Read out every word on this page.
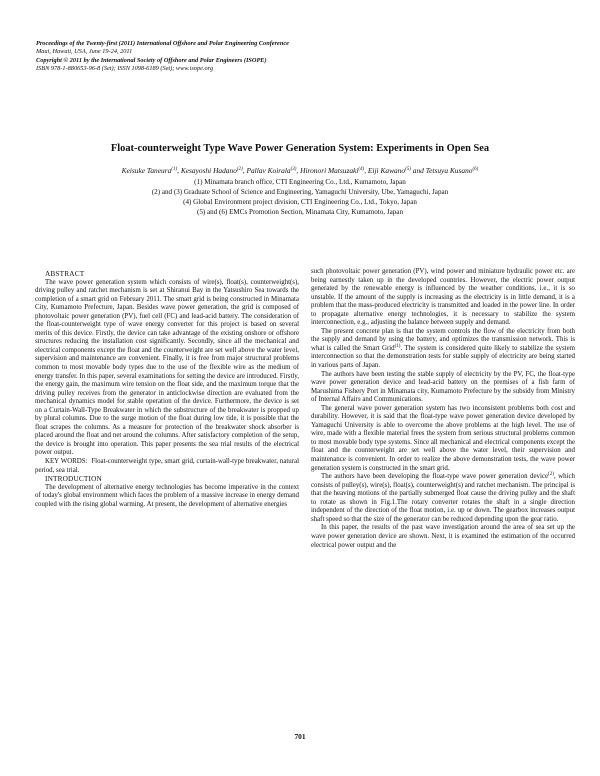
Proceedings of the Twenty-first (2011) International Offshore and Polar Engineering Conference
Maui, Hawaii, USA, June 19-24, 2011
Copyright © 2011 by the International Society of Offshore and Polar Engineers (ISOPE)
ISBN 978-1-880653-96-8 (Set); ISSN 1098-6189 (Set); www.isope.org
Float-counterweight Type Wave Power Generation System: Experiments in Open Sea
Keisuke Taneura$^{(1)}$, Kesayoshi Hadano$^{(2)}$, Pallav Koirala$^{(3)}$, Hironori Matsuzaki$^{(4)}$, Eiji Kawano$^{(5)}$ and Tetsuya Kusano$^{(6)}$
(1) Minamata branch office, CTI Engineering Co., Ltd., Kumamoto, Japan
(2) and (3) Graduate School of Science and Engineering, Yamaguchi University, Ube, Yamaguchi, Japan
(4) Global Environment project division, CTI Engineering Co., Ltd., Tokyo, Japan
(5) and (6) EMCs Promotion Section, Minamata City, Kumamoto, Japan

ABSTRACT

The wave power generation system which consists of wire(s), float(s), counterweight(s), driving pulley and ratchet mechanism is set at Shiranui Bay in the Yatsushiro Sea towards the completion of a smart grid on February 2011. The smart grid is being constructed in Minamata City, Kumamoto Prefecture, Japan. Besides wave power generation, the grid is composed of photovoltaic power generation (PV), fuel cell (FC) and lead-acid battery. The consideration of the float-counterweight type of wave energy converter for this project is based on several merits of this device. Firstly, the device can take advantage of the existing onshore or offshore structures reducing the installation cost significantly. Secondly, since all the mechanical and electrical components except the float and the counterweight are set well above the water level, supervision and maintenance are convenient. Finally, it is free from major structural problems common to most movable body types due to the use of the flexible wire as the medium of energy transfer. In this paper, several examinations for setting the device are introduced. Firstly, the energy gain, the maximum wire tension on the float side, and the maximum torque that the driving pulley receives from the generator in anticlockwise direction are evaluated from the mechanical dynamics model for stable operation of the device. Furthermore, the device is set on a Curtain-Wall-Type Breakwater in which the substructure of the breakwater is propped up by plural columns. Due to the surge motion of the float during low tide, it is possible that the float scrapes the columns. As a measure for protection of the breakwater shock absorber is placed around the float and net around the columns. After satisfactory completion of the setup, the device is brought into operation. This paper presents the sea trial results of the electrical power output.

KEY WORDS: Float-counterweight type, smart grid, curtain-wall-type breakwater, natural period, sea trial.

INTRODUCTION

The development of alternative energy technologies has become imperative in the context of today's global environment which faces the problem of a massive increase in energy demand coupled with the rising global warming. At present, the development of alternative energies

such photovoltaic power generation (PV), wind power and miniature hydraulic power etc. are being earnestly taken up in the developed countries. However, the electric power output generated by the renewable energy is influenced by the weather conditions, i.e., it is so unstable. If the amount of the supply is increasing as the electricity is in little demand, it is a problem that the mass-produced electricity is transmitted and loaded in the power line. In order to propagate alternative energy technologies, it is necessary to stabilize the system interconnection, e.g., adjusting the balance between supply and demand.

The present concrete plan is that the system controls the flow of the electricity from both the supply and demand by using the battery, and optimizes the transmission network. This is what is called the Smart Grid$^{(1)}$. The system is considered quite likely to stabilize the system interconnection so that the demonstration tests for stable supply of electricity are being started in various parts of Japan.

The authors have been testing the stable supply of electricity by the PV, FC, the float-type wave power generation device and lead-acid battery on the premises of a fish farm of Marushima Fishery Port in Minamata city, Kumamoto Prefecture by the subsidy from Ministry of Internal Affairs and Communications.

The general wave power generation system has two inconsistent problems both cost and durability. However, it is said that the float-type wave power generation device developed by Yamaguchi University is able to overcome the above problems at the high level. The use of wire, made with a flexible material frees the system from serious structural problems common to most movable body type systems. Since all mechanical and electrical components except the float and the counterweight are set well above the water level, their supervision and maintenance is convenient. In order to realize the above demonstration tests, the wave power generation system is constructed in the smart grid.

The authors have been developing the float-type wave power generation device$^{(2)}$, which consists of pulley(s), wire(s), float(s), counterweight(s) and ratchet mechanism. The principal is that the heaving motions of the partially submerged float cause the driving pulley and the shaft to rotate as shown in Fig.1.The rotary converter rotates the shaft in a single direction independent of the direction of the float motion, i.e. up or down. The gearbox increases output shaft speed so that the size of the generator can be reduced depending upon the gear ratio.

In this paper, the results of the past wave investigation around the area of sea set up the wave power generation device are shown. Next, it is examined the estimation of the occurred electrical power output and the

701
